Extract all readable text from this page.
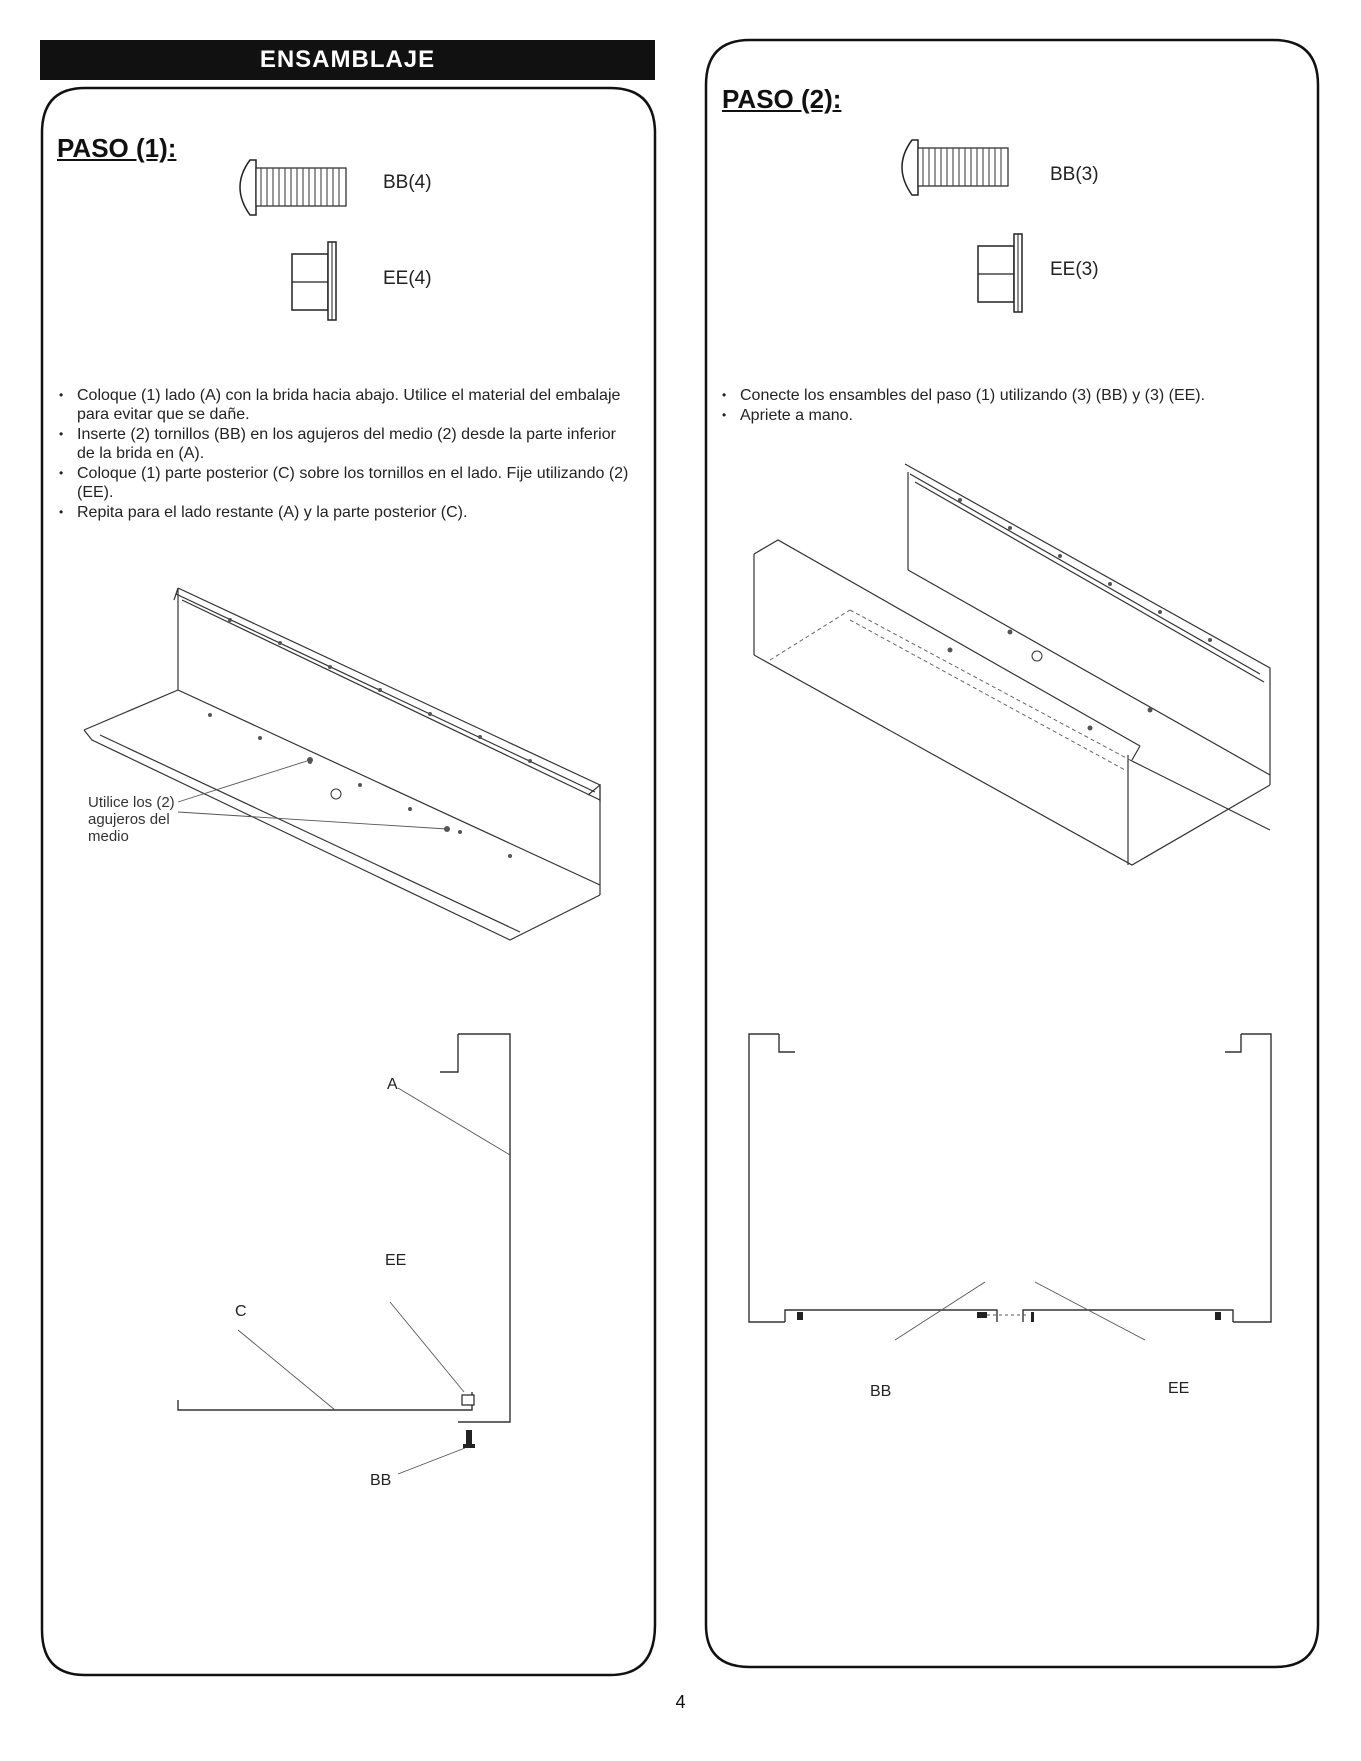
ENSAMBLAJE
PASO (1):
BB(4)
EE(4)
• Coloque (1) lado (A) con la brida hacia abajo. Utilice el material del embalaje para evitar que se dañe.
• Inserte (2) tornillos (BB) en los agujeros del medio (2) desde la parte inferior de la brida en (A).
• Coloque (1) parte posterior (C) sobre los tornillos en el lado. Fije utilizando (2) (EE).
• Repita para el lado restante (A) y la parte posterior (C).
Utilice los (2)
agujeros del
medio
A
EE
C
BB
PASO (2):
BB(3)
EE(3)
• Conecte los ensambles del paso (1) utilizando (3) (BB) y (3) (EE).
• Apriete a mano.
BB	EE
4
